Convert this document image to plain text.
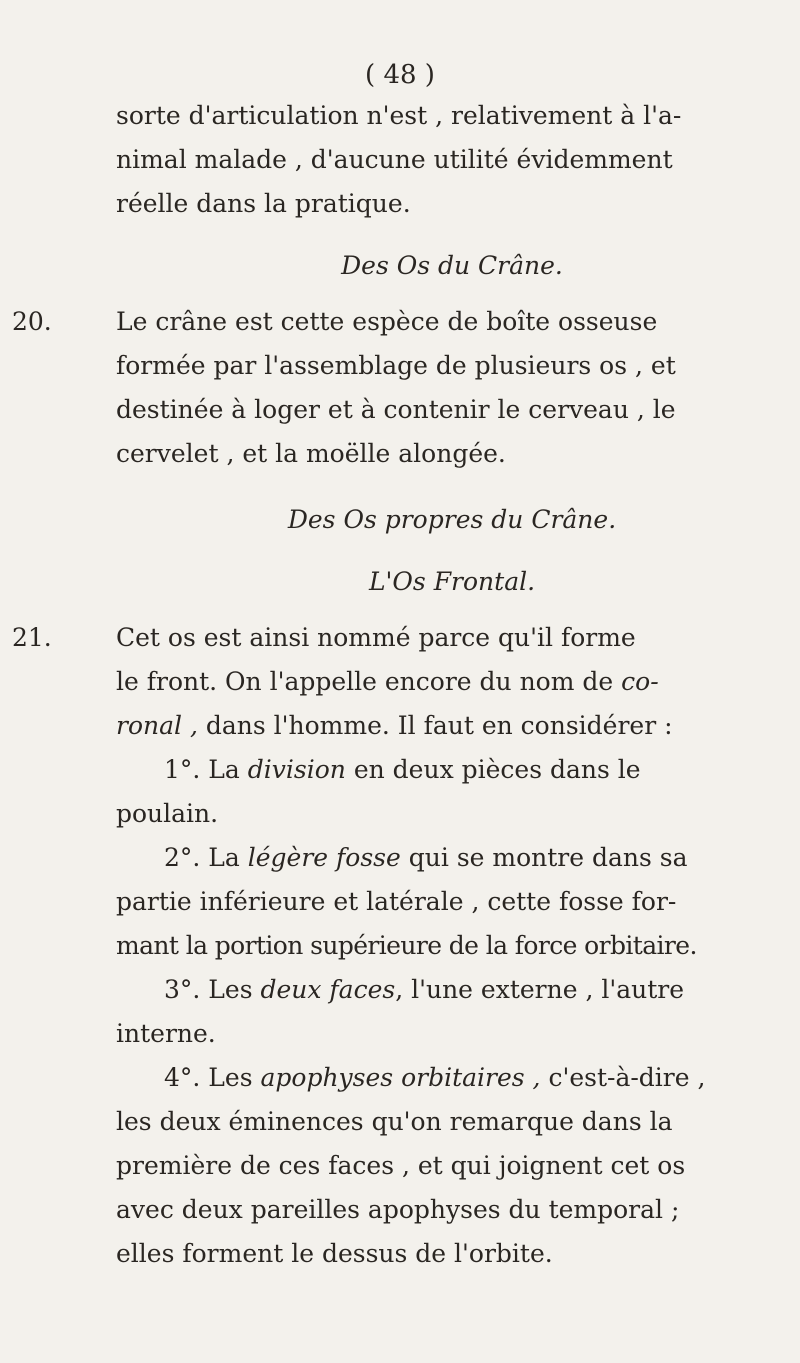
( 48 )
sorte d'articulation n'est , relativement à l'a-
nimal malade , d'aucune utilité évidemment
réelle dans la pratique.
Des Os du Crâne.
20.	Le crâne est cette espèce de boîte osseuse
formée par l'assemblage de plusieurs os , et
destinée à loger et à contenir le cerveau , le
cervelet , et la moëlle alongée.
Des Os propres du Crâne.
L'Os Frontal.
21.	Cet os est ainsi nommé parce qu'il forme
le front. On l'appelle encore du nom de co-
ronal , dans l'homme. Il faut en considérer :
1°. La division en deux pièces dans le
poulain.
2°. La légère fosse qui se montre dans sa
partie inférieure et latérale , cette fosse for-
mant la portion supérieure de la force orbitaire.
3°. Les deux faces, l'une externe , l'autre
interne.
4°. Les apophyses orbitaires , c'est-à-dire ,
les deux éminences qu'on remarque dans la
première de ces faces , et qui joignent cet os
avec deux pareilles apophyses du temporal ;
elles forment le dessus de l'orbite.
